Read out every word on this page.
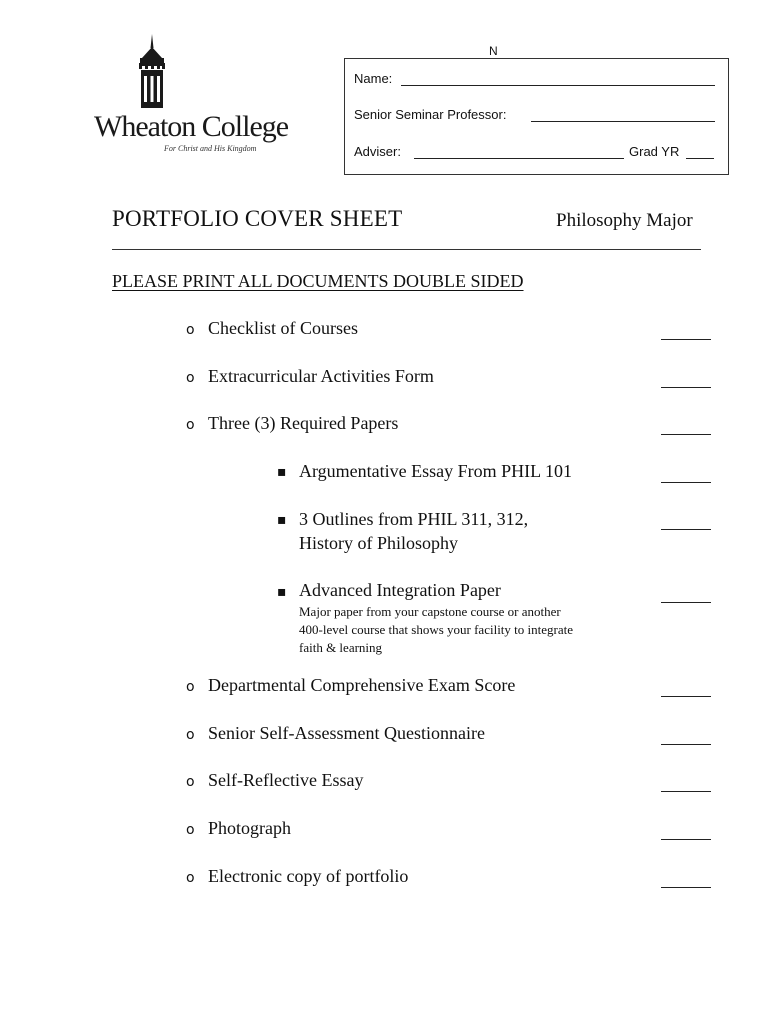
Wheaton College
For Christ and His Kingdom
N
Name:
Senior Seminar Professor:
Adviser:	Grad YR
PORTFOLIO COVER SHEET	Philosophy Major
PLEASE PRINT ALL DOCUMENTS DOUBLE SIDED
o Checklist of Courses
o Extracurricular Activities Form
o Three (3) Required Papers
▪ Argumentative Essay From PHIL 101
▪ 3 Outlines from PHIL 311, 312,
History of Philosophy
▪ Advanced Integration Paper
Major paper from your capstone course or another
400-level course that shows your facility to integrate
faith & learning
o Departmental Comprehensive Exam Score
o Senior Self-Assessment Questionnaire
o Self-Reflective Essay
o Photograph
o Electronic copy of portfolio
